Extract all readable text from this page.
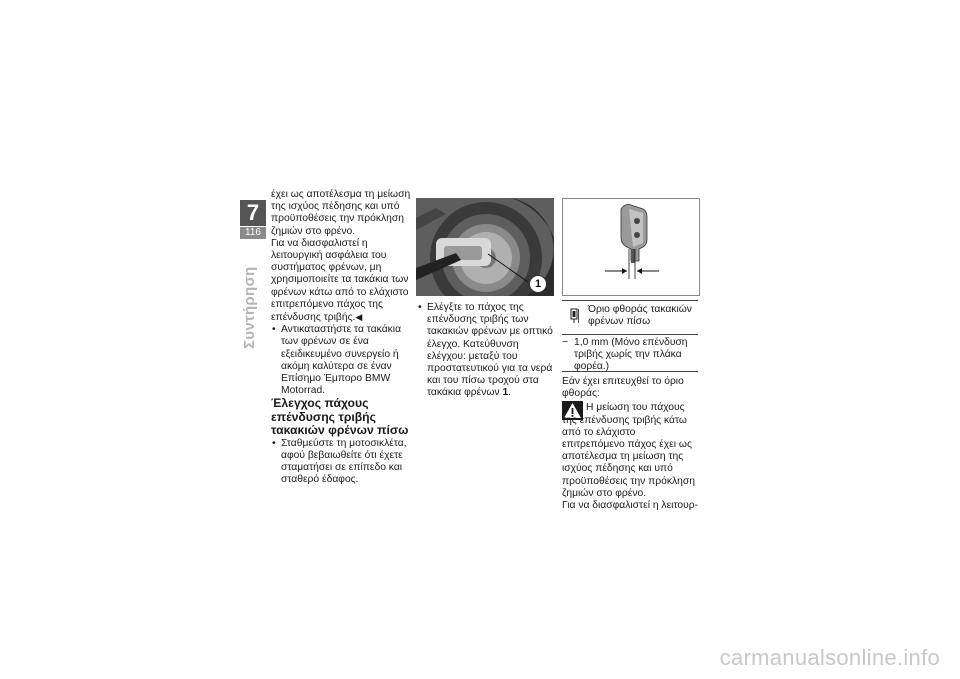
7
116
Συντήρηση

έχει ως αποτέλεσμα τη μείωση της ισχύος πέδησης και υπό προϋποθέσεις την πρόκληση ζημιών στο φρένο.

Για να διασφαλιστεί η λειτουργική ασφάλεια του συστήματος φρένων, μη χρησιμοποιείτε τα τακάκια των φρένων κάτω από το ελάχιστο επιτρεπόμενο πάχος της επένδυσης τριβής.◀

• Αντικαταστήστε τα τακάκια των φρένων σε ένα εξειδικευμένο συνεργείο ή ακόμη καλύτερα σε έναν Επίσημο Έμπορο BMW Motorrad.

Έλεγχος πάχους επένδυσης τριβής τακακιών φρένων πίσω

• Σταθμεύστε τη μοτοσικλέτα, αφού βεβαιωθείτε ότι έχετε σταματήσει σε επίπεδο και σταθερό έδαφος.

1

• Ελέγξτε το πάχος της επένδυσης τριβής των τακακιών φρένων με οπτικό έλεγχο. Κατεύθυνση ελέγχου: μεταξύ του προστατευτικού για τα νερά και του πίσω τροχού στα τακάκια φρένων 1.

Όριο φθοράς τακακιών φρένων πίσω
− 1,0 mm (Μόνο επένδυση τριβής χωρίς την πλάκα φορέα.)

Εάν έχει επιτευχθεί το όριο φθοράς:

Η μείωση του πάχους της επένδυσης τριβής κάτω από το ελάχιστο επιτρεπόμενο πάχος έχει ως αποτέλεσμα τη μείωση της ισχύος πέδησης και υπό προϋποθέσεις την πρόκληση ζημιών στο φρένο.

Για να διασφαλιστεί η λειτουρ-

carmanualsonline.info
